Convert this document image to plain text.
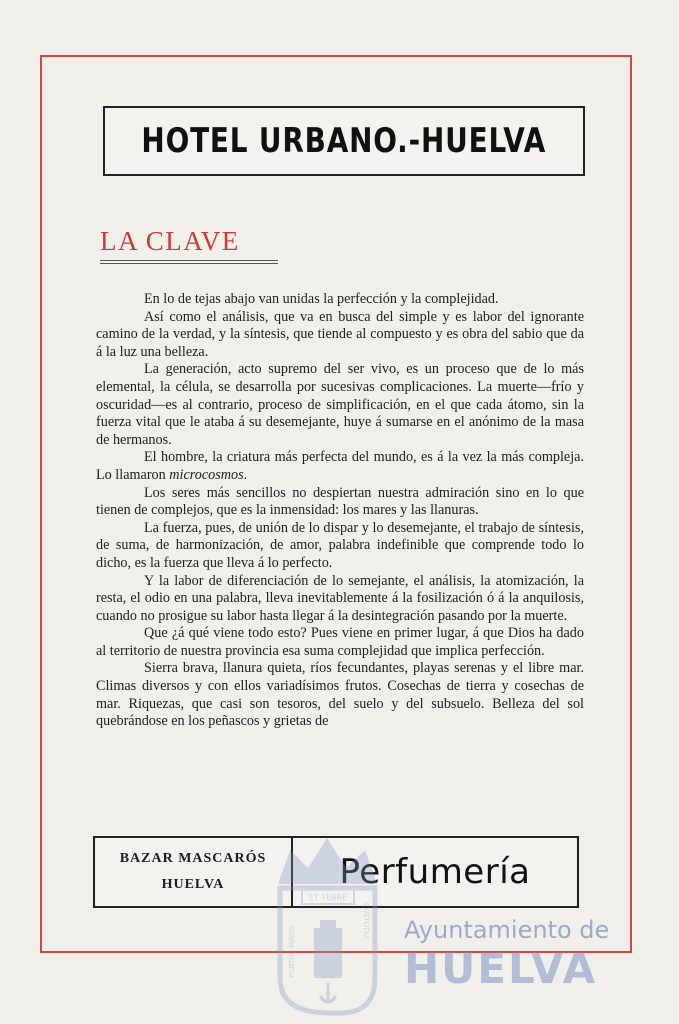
HOTEL URBANO.-HUELVA
LA CLAVE

En lo de tejas abajo van unidas la perfección y la complejidad.

Así como el análisis, que va en busca del simple y es labor del ignorante camino de la verdad, y la síntesis, que tiende al compuesto y es obra del sabio que da á la luz una belleza.

La generación, acto supremo del ser vivo, es un proceso que de lo más elemental, la célula, se desarrolla por sucesivas complicaciones. La muerte—frío y oscuridad—es al contrario, proceso de simplificación, en el que cada átomo, sin la fuerza vital que le ataba á su desemejante, huye á sumarse en el anónimo de la masa de hermanos.

El hombre, la criatura más perfecta del mundo, es á la vez la más compleja. Lo llamaron microcosmos.

Los seres más sencillos no despiertan nuestra admiración sino en lo que tienen de complejos, que es la inmensidad: los mares y las llanuras.

La fuerza, pues, de unión de lo dispar y lo desemejante, el trabajo de síntesis, de suma, de harmonización, de amor, palabra indefinible que comprende todo lo dicho, es la fuerza que lleva á lo perfecto.

Y la labor de diferenciación de lo semejante, el análisis, la atomización, la resta, el odio en una palabra, lleva inevitablemente á la fosilización ó á la anquilosis, cuando no prosigue su labor hasta llegar á la desintegración pasando por la muerte.

Que ¿á qué viene todo esto? Pues viene en primer lugar, á que Dios ha dado al territorio de nuestra provincia esa suma complejidad que implica perfección.

Sierra brava, llanura quieta, ríos fecundantes, playas serenas y el libre mar. Climas diversos y con ellos variadísimos frutos. Cosechas de tierra y cosechas de mar. Riquezas, que casi son tesoros, del suelo y del subsuelo. Belleza del sol quebrándose en los peñascos y grietas de

BAZAR MASCARÓS
HUELVA	Perfumería
ET TERRE
PORTUS MARIS
CUSTODIA Ayuntamiento de
HUELVA
